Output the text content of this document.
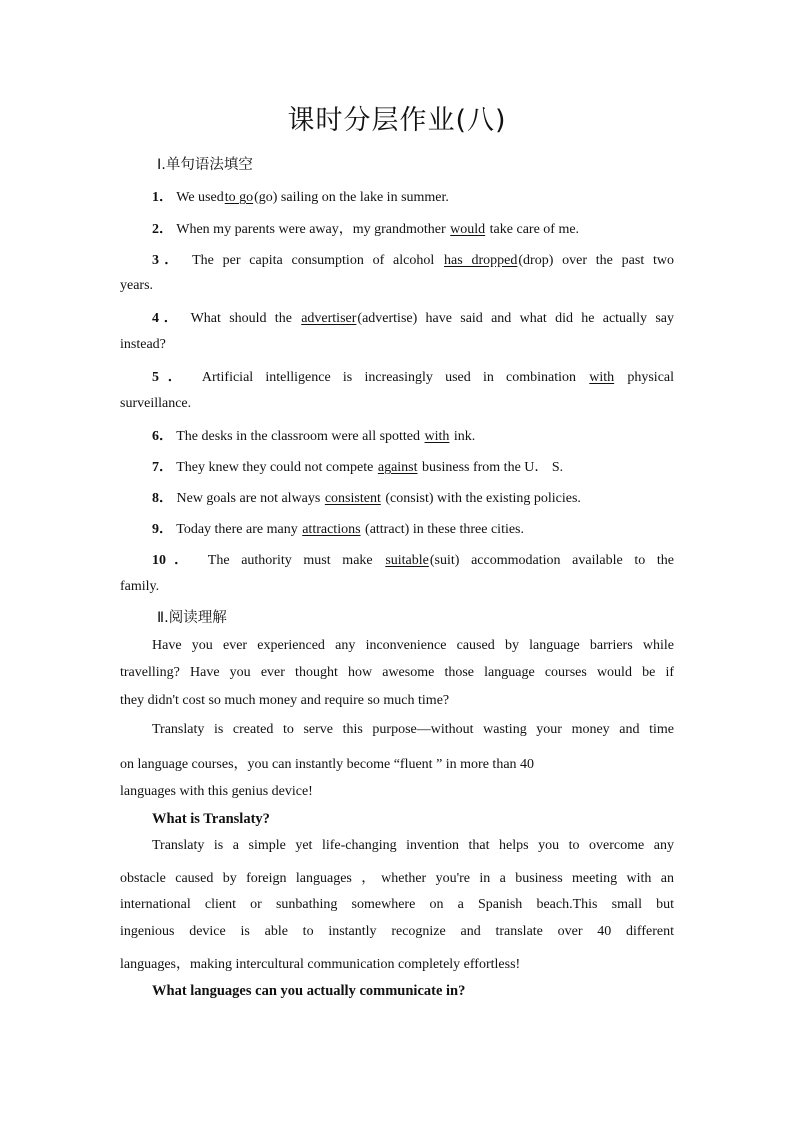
课时分层作业(八)
Ⅰ.单句语法填空
1． We usedto go(go) sailing on the lake in summer.
2． When my parents were away，my grandmother would take care of me.
3． The per capita consumption of alcohol has dropped(drop) over the past two
years.
4． What should the advertiser(advertise) have said and what did he actually say
instead?
5． Artificial intelligence is increasingly used in combination with physical
surveillance.
6． The desks in the classroom were all spotted with ink.
7． They knew they could not compete against business from the U． S.
8． New goals are not always consistent (consist) with the existing policies.
9． Today there are many attractions (attract) in these three cities.
10． The authority must make suitable(suit) accommodation available to the
family.
Ⅱ.阅读理解
Have you ever experienced any inconvenience caused by language barriers while
travelling? Have you ever thought how awesome those language courses would be if
they didn't cost so much money and require so much time?
Translaty is created to serve this purpose—without wasting your money and time
on language courses，you can instantly become “fluent ” in more than 40
languages with this genius device!
What is Translaty?
Translaty is a simple yet life-changing invention that helps you to overcome any
obstacle caused by foreign languages ，whether you're in a business meeting with an
international client or sunbathing somewhere on a Spanish beach.This small but
ingenious device is able to instantly recognize and translate over 40 different
languages，making intercultural communication completely effortless!
What languages can you actually communicate in?
